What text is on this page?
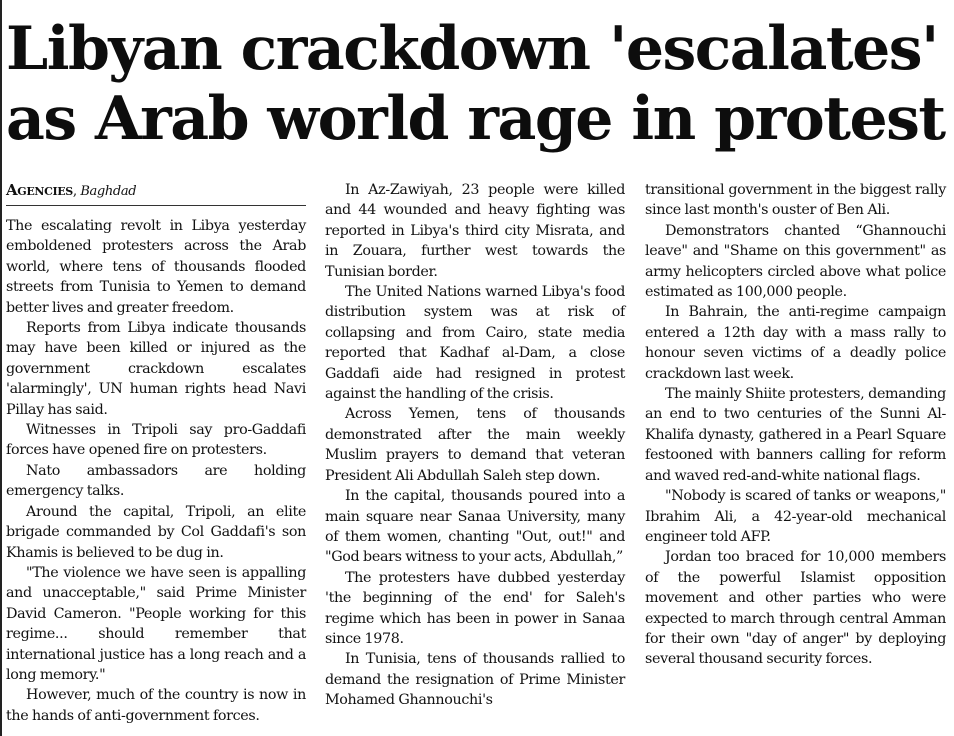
Libyan crackdown 'escalates'
as Arab world rage in protest
Agencies, Baghdad

The escalating revolt in Libya yesterday emboldened protesters across the Arab world, where tens of thousands flooded streets from Tunisia to Yemen to demand better lives and greater freedom.

Reports from Libya indicate thousands may have been killed or injured as the government crackdown escalates 'alarmingly', UN human rights head Navi Pillay has said.

Witnesses in Tripoli say pro-Gaddafi forces have opened fire on protesters.

Nato ambassadors are holding emergency talks.

Around the capital, Tripoli, an elite brigade commanded by Col Gaddafi's son Khamis is believed to be dug in.

"The violence we have seen is appalling and unacceptable," said Prime Minister David Cameron. "People working for this regime... should remember that international justice has a long reach and a long memory."

However, much of the country is now in the hands of anti-government forces.

In Az-Zawiyah, 23 people were killed and 44 wounded and heavy fighting was reported in Libya's third city Misrata, and in Zouara, further west towards the Tunisian border.

The United Nations warned Libya's food distribution system was at risk of collapsing and from Cairo, state media reported that Kadhaf al-Dam, a close Gaddafi aide had resigned in protest against the handling of the crisis.

Across Yemen, tens of thousands demonstrated after the main weekly Muslim prayers to demand that veteran President Ali Abdullah Saleh step down.

In the capital, thousands poured into a main square near Sanaa University, many of them women, chanting "Out, out!" and "God bears witness to your acts, Abdullah,”

The protesters have dubbed yesterday 'the beginning of the end' for Saleh's regime which has been in power in Sanaa since 1978.

In Tunisia, tens of thousands rallied to demand the resignation of Prime Minister Mohamed Ghannouchi's

transitional government in the biggest rally since last month's ouster of Ben Ali.

Demonstrators chanted “Ghannouchi leave" and "Shame on this government" as army helicopters circled above what police estimated as 100,000 people.

In Bahrain, the anti-regime campaign entered a 12th day with a mass rally to honour seven victims of a deadly police crackdown last week.

The mainly Shiite protesters, demanding an end to two centuries of the Sunni Al-Khalifa dynasty, gathered in a Pearl Square festooned with banners calling for reform and waved red-and-white national flags.

"Nobody is scared of tanks or weapons," Ibrahim Ali, a 42-year-old mechanical engineer told AFP.

Jordan too braced for 10,000 members of the powerful Islamist opposition movement and other parties who were expected to march through central Amman for their own "day of anger" by deploying several thousand security forces.
